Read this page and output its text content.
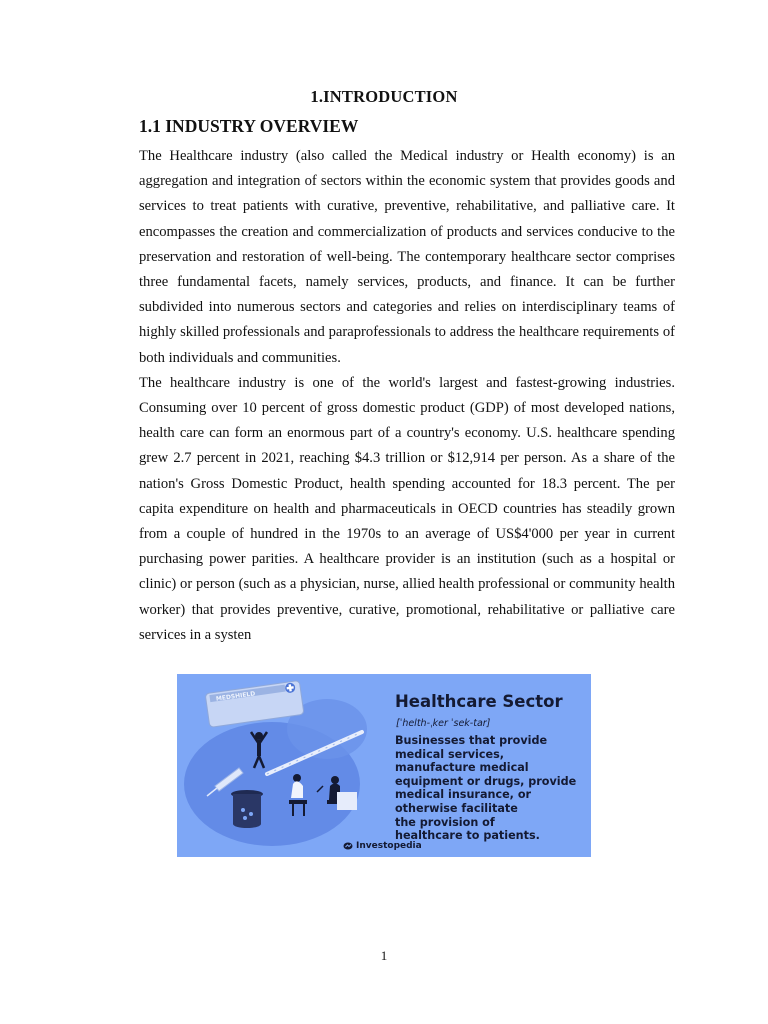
1.INTRODUCTION
1.1 INDUSTRY OVERVIEW

The Healthcare industry (also called the Medical industry or Health economy) is an aggregation and integration of sectors within the economic system that provides goods and services to treat patients with curative, preventive, rehabilitative, and palliative care. It encompasses the creation and commercialization of products and services conducive to the preservation and restoration of well-being. The contemporary healthcare sector comprises three fundamental facets, namely services, products, and finance. It can be further subdivided into numerous sectors and categories and relies on interdisciplinary teams of highly skilled professionals and paraprofessionals to address the healthcare requirements of both individuals and communities.

The healthcare industry is one of the world's largest and fastest-growing industries. Consuming over 10 percent of gross domestic product (GDP) of most developed nations, health care can form an enormous part of a country's economy. U.S. healthcare spending grew 2.7 percent in 2021, reaching $4.3 trillion or $12,914 per person. As a share of the nation's Gross Domestic Product, health spending accounted for 18.3 percent. The per capita expenditure on health and pharmaceuticals in OECD countries has steadily grown from a couple of hundred in the 1970s to an average of US$4'000 per year in current purchasing power parities. A healthcare provider is an institution (such as a hospital or clinic) or person (such as a physician, nurse, allied health professional or community health worker) that provides preventive, curative, promotional, rehabilitative or palliative care services in a systen

MEDSHIELD	Healthcare Sector
[ˈhelth-ˌker ˈsek-tar]
Businesses that provide
medical services,
manufacture medical
equipment or drugs, provide
medical insurance, or
otherwise facilitate
the provision of
healthcare to patients.
Investopedia
1
